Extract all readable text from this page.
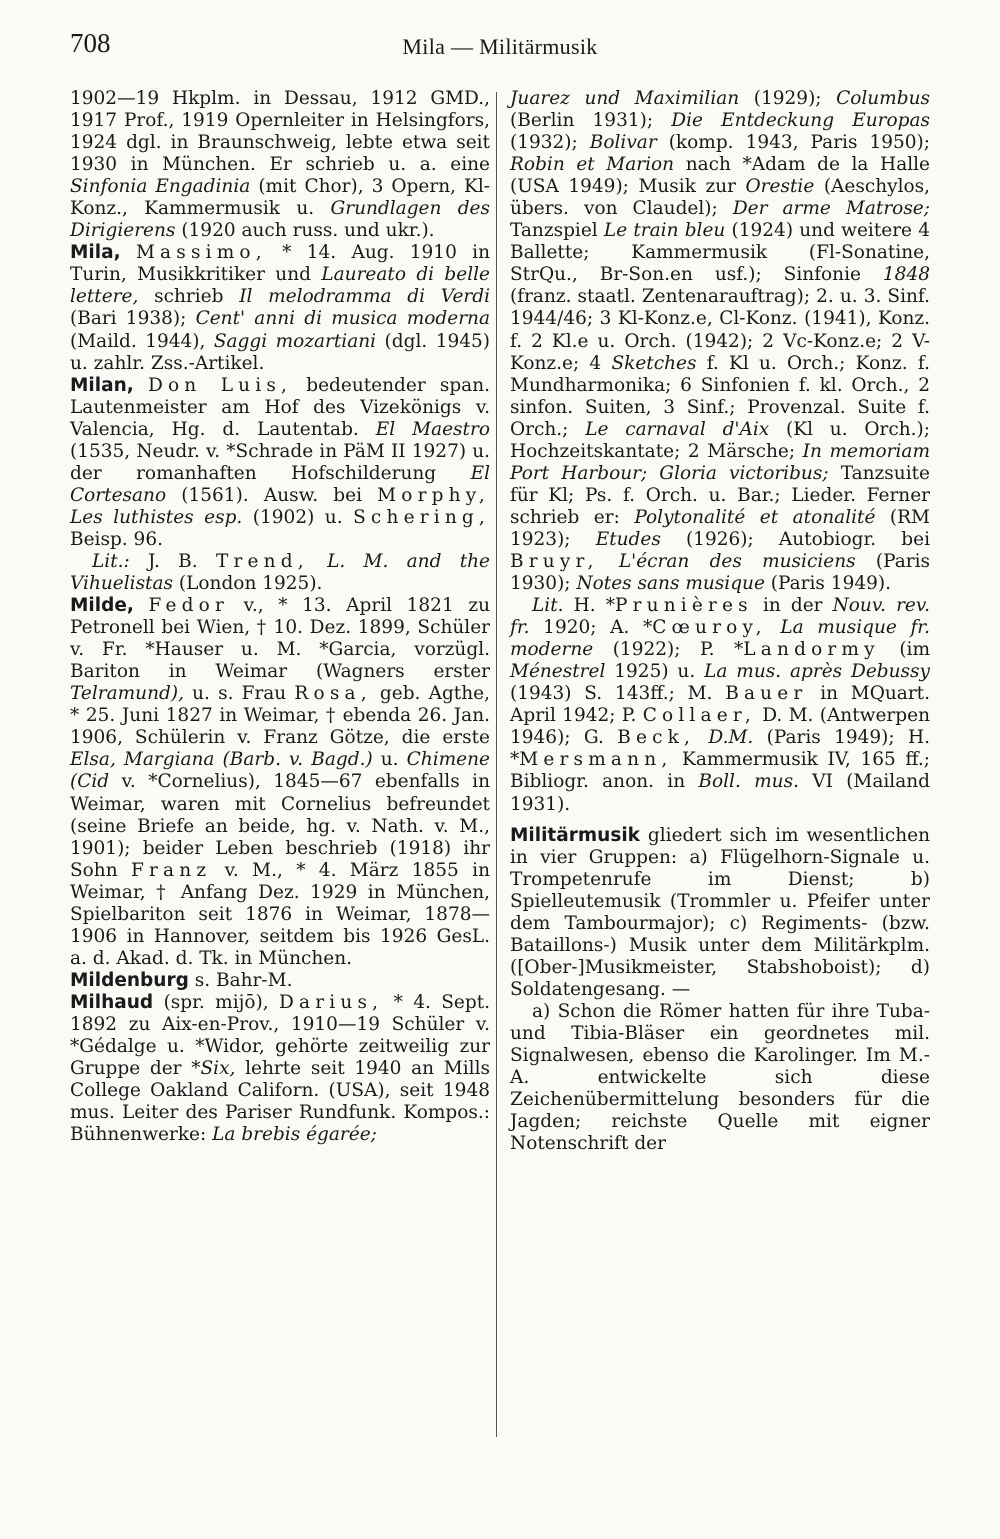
708	Mila — Militärmusik

1902—19 Hkplm. in Dessau, 1912 GMD., 1917 Prof., 1919 Opernleiter in Helsingfors, 1924 dgl. in Braunschweig, lebte etwa seit 1930 in München. Er schrieb u. a. eine Sinfonia Engadinia (mit Chor), 3 Opern, Kl-Konz., Kammermusik u. Grundlagen des Dirigierens (1920 auch russ. und ukr.).

Mila, Massimo, * 14. Aug. 1910 in Turin, Musikkritiker und Laureato di belle lettere, schrieb Il melodramma di Verdi (Bari 1938); Cent' anni di musica moderna (Maild. 1944), Saggi mozartiani (dgl. 1945) u. zahlr. Zss.-Artikel.

Milan, Don Luis, bedeutender span. Lautenmeister am Hof des Vizekönigs v. Valencia, Hg. d. Lautentab. El Maestro (1535, Neudr. v. *Schrade in PäM II 1927) u. der romanhaften Hofschilderung El Cortesano (1561). Ausw. bei Morphy, Les luthistes esp. (1902) u. Schering, Beisp. 96.

Lit.: J. B. Trend, L. M. and the Vihuelistas (London 1925).

Milde, Fedor v., * 13. April 1821 zu Petronell bei Wien, † 10. Dez. 1899, Schüler v. Fr. *Hauser u. M. *Garcia, vorzügl. Bariton in Weimar (Wagners erster Telramund), u. s. Frau Rosa, geb. Agthe, * 25. Juni 1827 in Weimar, † ebenda 26. Jan. 1906, Schülerin v. Franz Götze, die erste Elsa, Margiana (Barb. v. Bagd.) u. Chimene (Cid v. *Cornelius), 1845—67 ebenfalls in Weimar, waren mit Cornelius befreundet (seine Briefe an beide, hg. v. Nath. v. M., 1901); beider Leben beschrieb (1918) ihr Sohn Franz v. M., * 4. März 1855 in Weimar, † Anfang Dez. 1929 in München, Spielbariton seit 1876 in Weimar, 1878—1906 in Hannover, seitdem bis 1926 GesL. a. d. Akad. d. Tk. in München.

Mildenburg s. Bahr-M.

Milhaud (spr. mijō), Darius, * 4. Sept. 1892 zu Aix-en-Prov., 1910—19 Schüler v. *Gédalge u. *Widor, gehörte zeitweilig zur Gruppe der *Six, lehrte seit 1940 an Mills College Oakland Californ. (USA), seit 1948 mus. Leiter des Pariser Rundfunk. Kompos.: Bühnenwerke: La brebis égarée;

Juarez und Maximilian (1929); Columbus (Berlin 1931); Die Entdeckung Europas (1932); Bolivar (komp. 1943, Paris 1950); Robin et Marion nach *Adam de la Halle (USA 1949); Musik zur Orestie (Aeschylos, übers. von Claudel); Der arme Matrose; Tanzspiel Le train bleu (1924) und weitere 4 Ballette; Kammermusik (Fl-Sonatine, StrQu., Br-Son.en usf.); Sinfonie 1848 (franz. staatl. Zentenarauftrag); 2. u. 3. Sinf. 1944/46; 3 Kl-Konz.e, Cl-Konz. (1941), Konz. f. 2 Kl.e u. Orch. (1942); 2 Vc-Konz.e; 2 V-Konz.e; 4 Sketches f. Kl u. Orch.; Konz. f. Mundharmonika; 6 Sinfonien f. kl. Orch., 2 sinfon. Suiten, 3 Sinf.; Provenzal. Suite f. Orch.; Le carnaval d'Aix (Kl u. Orch.); Hochzeitskantate; 2 Märsche; In memoriam Port Harbour; Gloria victoribus; Tanzsuite für Kl; Ps. f. Orch. u. Bar.; Lieder. Ferner schrieb er: Polytonalité et atonalité (RM 1923); Etudes (1926); Autobiogr. bei Bruyr, L'écran des musiciens (Paris 1930); Notes sans musique (Paris 1949).

Lit. H. *Prunières in der Nouv. rev. fr. 1920; A. *Cœuroy, La musique fr. moderne (1922); P. *Landormy (im Ménestrel 1925) u. La mus. après Debussy (1943) S. 143ff.; M. Bauer in MQuart. April 1942; P. Collaer, D. M. (Antwerpen 1946); G. Beck, D.M. (Paris 1949); H. *Mersmann, Kammermusik IV, 165 ff.; Bibliogr. anon. in Boll. mus. VI (Mailand 1931).

Militärmusik gliedert sich im wesentlichen in vier Gruppen: a) Flügelhorn-Signale u. Trompetenrufe im Dienst; b) Spielleutemusik (Trommler u. Pfeifer unter dem Tambourmajor); c) Regiments- (bzw. Bataillons-) Musik unter dem Militärkplm. ([Ober-]Musikmeister, Stabshoboist); d) Soldatengesang. —

a) Schon die Römer hatten für ihre Tuba- und Tibia-Bläser ein geordnetes mil. Signalwesen, ebenso die Karolinger. Im M.-A. entwickelte sich diese Zeichenübermittelung besonders für die Jagden; reichste Quelle mit eigner Notenschrift der
